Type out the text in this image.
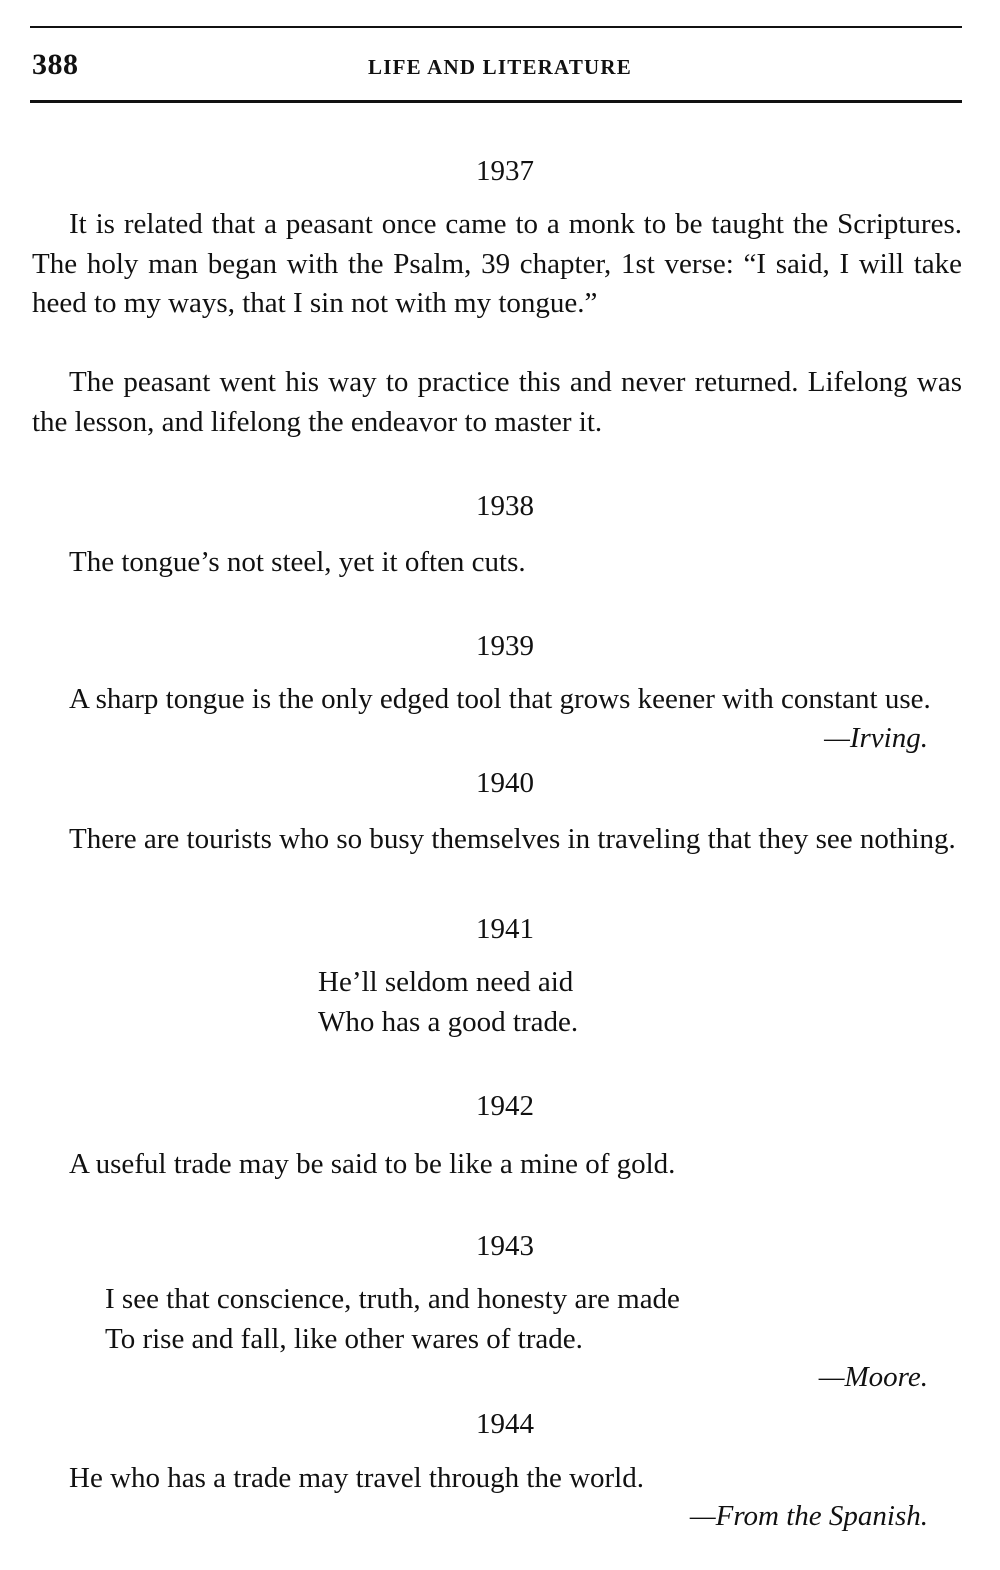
388	LIFE AND LITERATURE
1937
It is related that a peasant once came to a monk to be taught the Scriptures. The holy man began with the Psalm, 39 chapter, 1st verse: “I said, I will take heed to my ways, that I sin not with my tongue.”
The peasant went his way to practice this and never returned. Lifelong was the lesson, and lifelong the endeavor to master it.
1938
The tongue’s not steel, yet it often cuts.
1939
A sharp tongue is the only edged tool that grows keener with constant use.
—Irving.
1940
There are tourists who so busy themselves in traveling that they see nothing.
1941
He’ll seldom need aid
Who has a good trade.
1942
A useful trade may be said to be like a mine of gold.
1943
I see that conscience, truth, and honesty are made
To rise and fall, like other wares of trade.
—Moore.
1944
He who has a trade may travel through the world.
—From the Spanish.
